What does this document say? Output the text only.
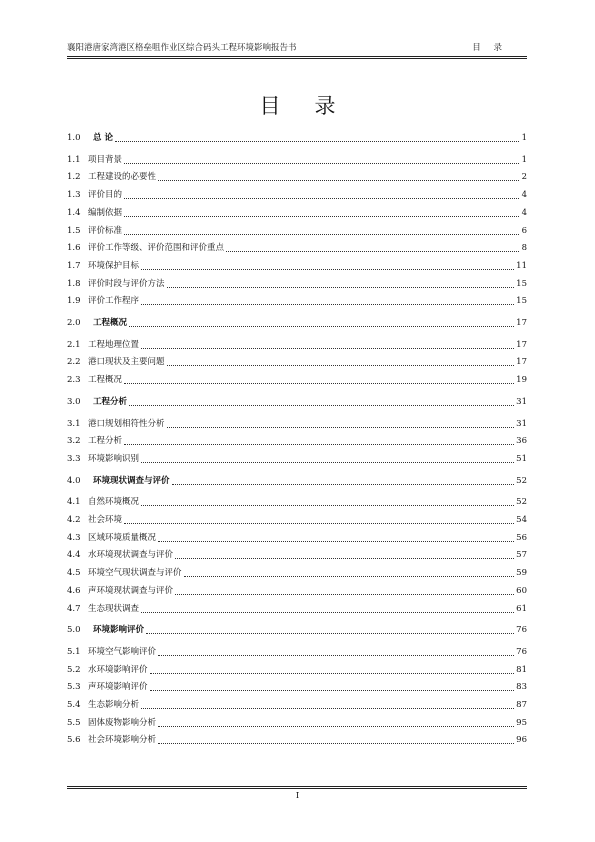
襄阳港唐家湾港区格垒咀作业区综合码头工程环境影响报告书	目 录
目录
1.0	总 论	1
1.1 项目背景	1
1.2 工程建设的必要性	2
1.3 评价目的	4
1.4 编制依据	4
1.5 评价标准	6
1.6 评价工作等级、评价范围和评价重点	8
1.7 环境保护目标	11
1.8 评价时段与评价方法	15
1.9 评价工作程序	15
2.0	工程概况	17
2.1 工程地理位置	17
2.2 港口现状及主要问题	17
2.3 工程概况	19
3.0	工程分析	31
3.1 港口规划相符性分析	31
3.2 工程分析	36
3.3 环境影响识别	51
4.0	环境现状调查与评价	52
4.1 自然环境概况	52
4.2 社会环境	54
4.3 区域环境质量概况	56
4.4 水环境现状调查与评价	57
4.5 环境空气现状调查与评价	59
4.6 声环境现状调查与评价	60
4.7 生态现状调查	61
5.0	环境影响评价	76
5.1 环境空气影响评价	76
5.2 水环境影响评价	81
5.3 声环境影响评价	83
5.4 生态影响分析	87
5.5 固体废物影响分析	95
5.6 社会环境影响分析	96
I
